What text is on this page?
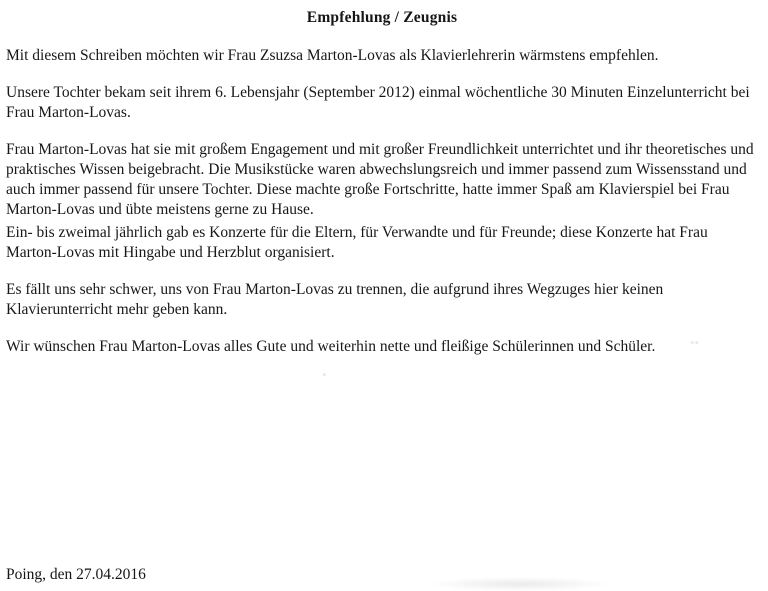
Empfehlung / Zeugnis

Mit diesem Schreiben möchten wir Frau Zsuzsa Marton-Lovas als Klavierlehrerin wärmstens empfehlen.

Unsere Tochter bekam seit ihrem 6. Lebensjahr (September 2012) einmal wöchentliche 30 Minuten Einzelunterricht bei Frau Marton-Lovas.

Frau Marton-Lovas hat sie mit großem Engagement und mit großer Freundlichkeit unterrichtet und ihr theoretisches und praktisches Wissen beigebracht. Die Musikstücke waren abwechslungsreich und immer passend zum Wissensstand und auch immer passend für unsere Tochter. Diese machte große Fortschritte, hatte immer Spaß am Klavierspiel bei Frau Marton-Lovas und übte meistens gerne zu Hause.

Ein- bis zweimal jährlich gab es Konzerte für die Eltern, für Verwandte und für Freunde; diese Konzerte hat Frau Marton-Lovas mit Hingabe und Herzblut organisiert.

Es fällt uns sehr schwer, uns von Frau Marton-Lovas zu trennen, die aufgrund ihres Wegzuges hier keinen Klavierunterricht mehr geben kann.

Wir wünschen Frau Marton-Lovas alles Gute und weiterhin nette und fleißige Schülerinnen und Schüler.	••
•
Poing, den 27.04.2016
